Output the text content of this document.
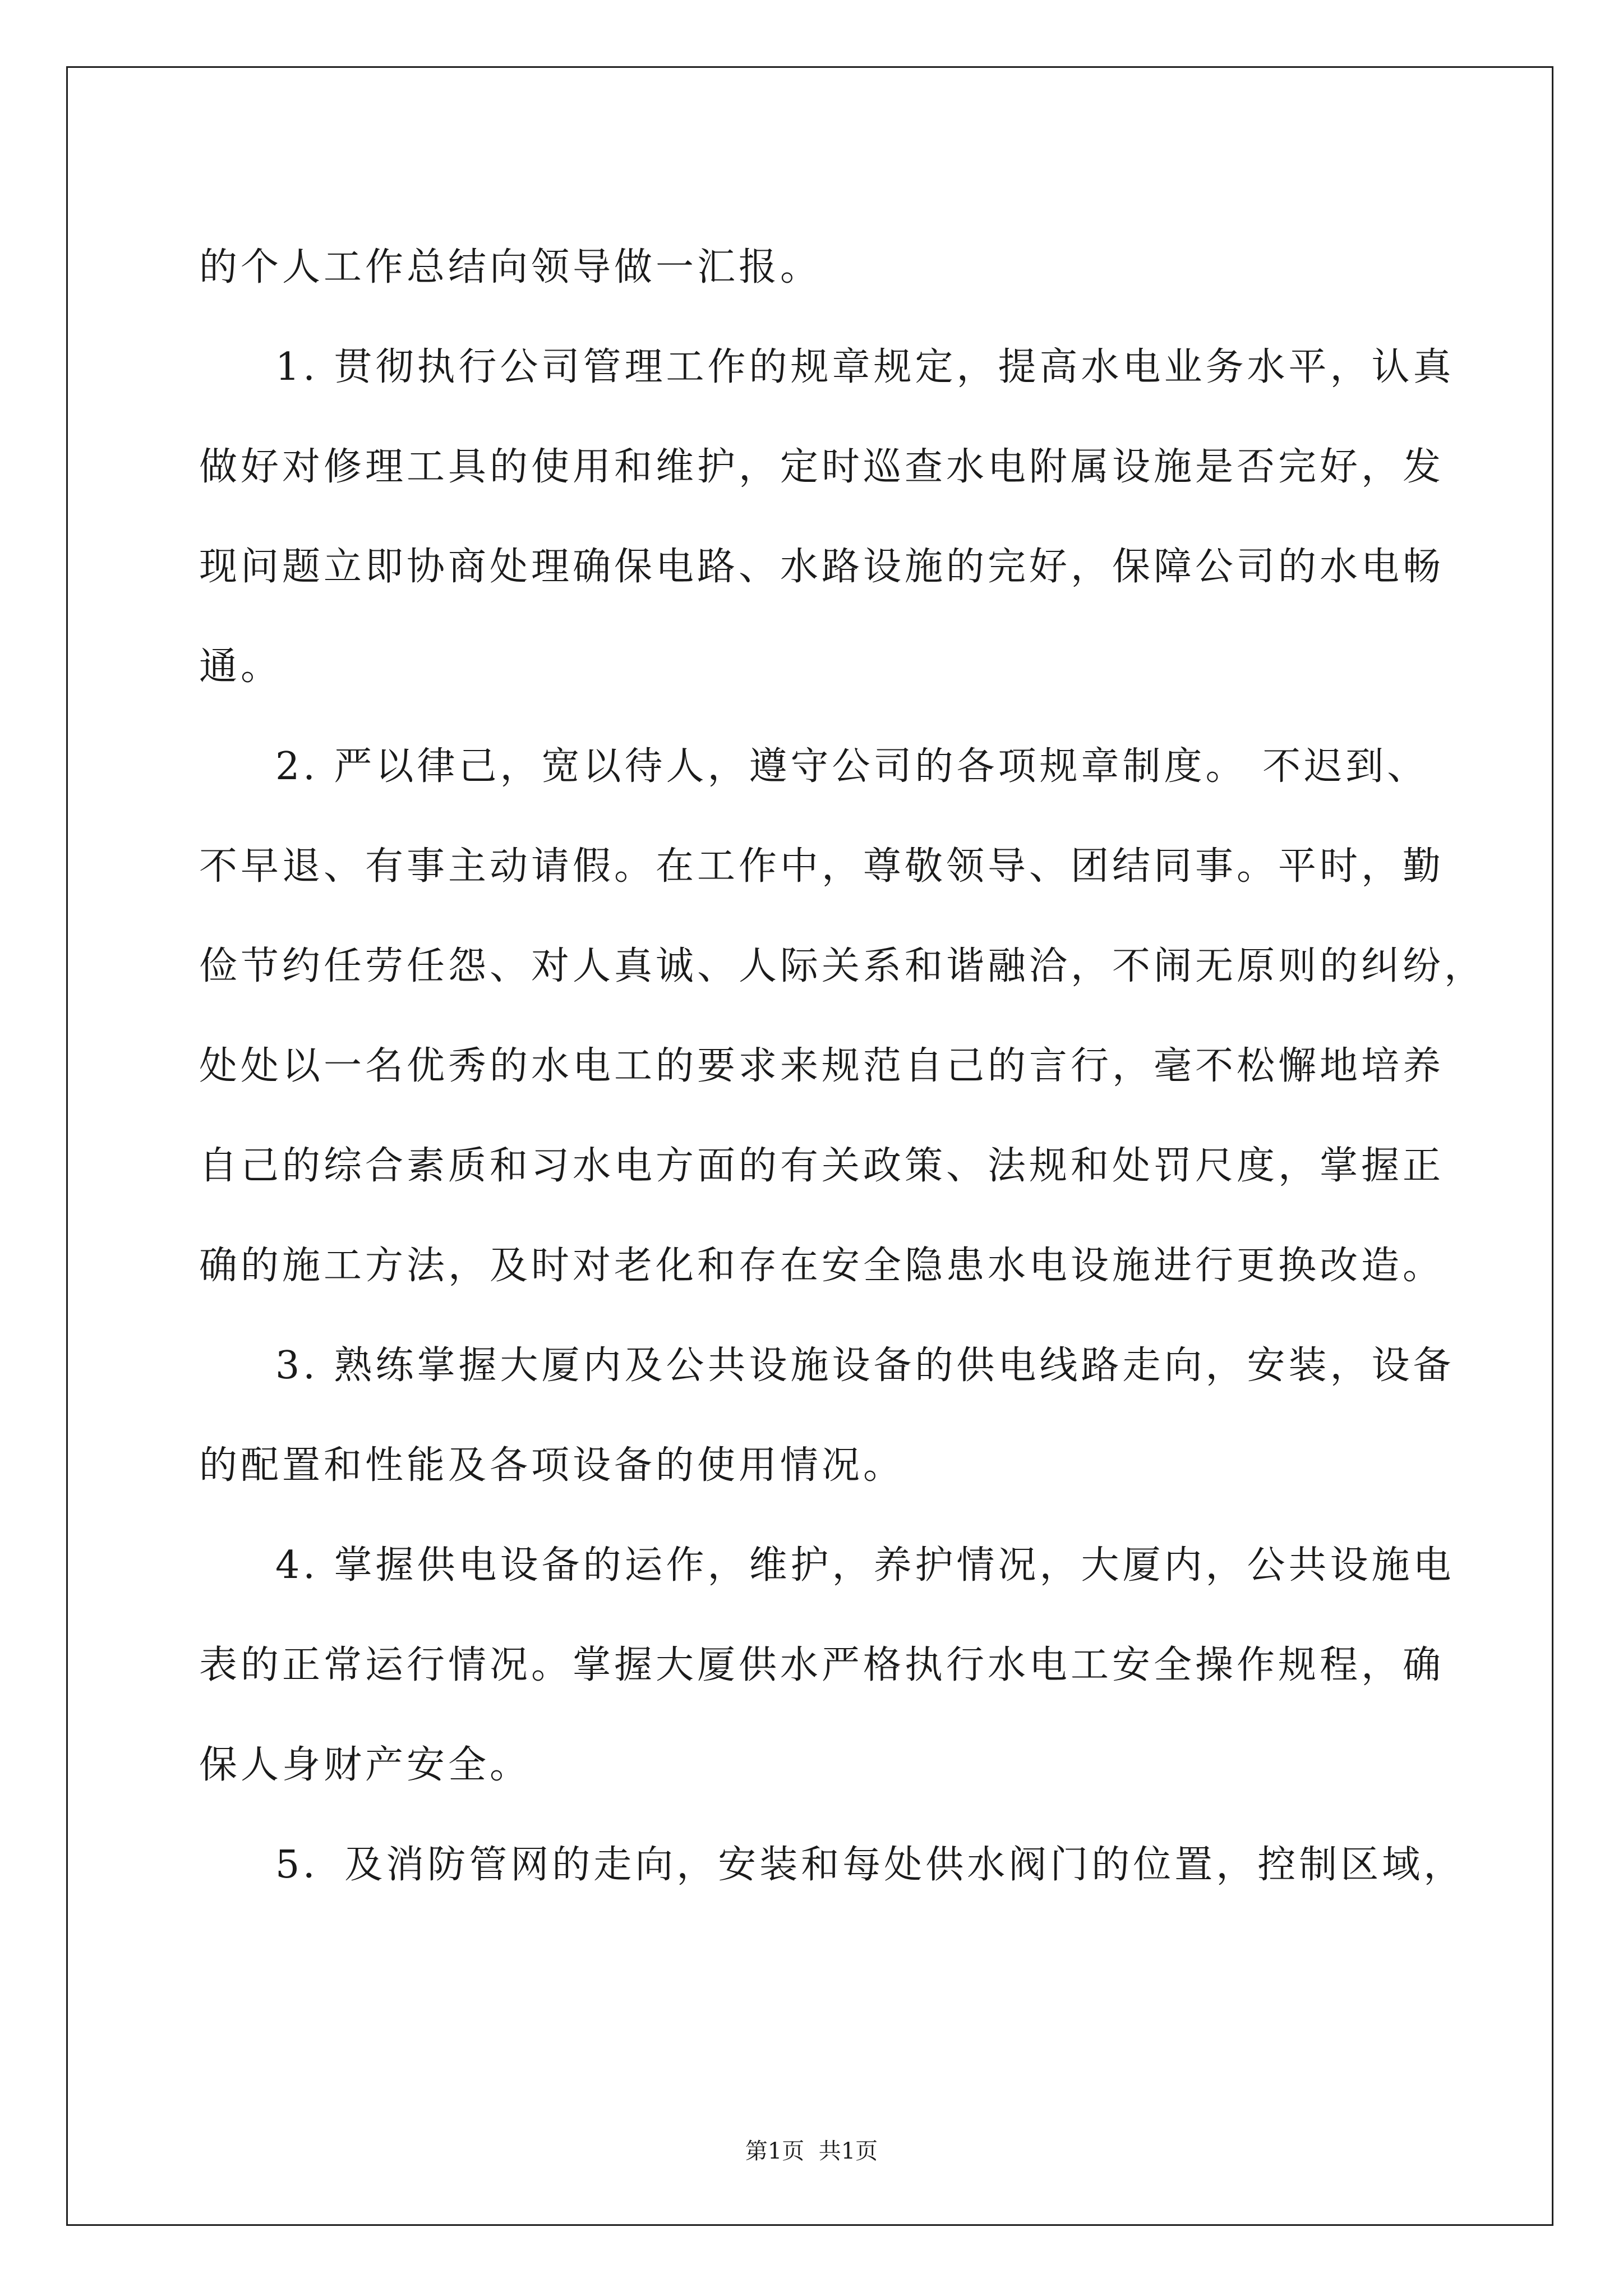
的个人工作总结向领导做一汇报。
1. 贯彻执行公司管理工作的规章规定，提高水电业务水平，认真
做好对修理工具的使用和维护，定时巡查水电附属设施是否完好，发
现问题立即协商处理确保电路、水路设施的完好，保障公司的水电畅
通。
2. 严以律己，宽以待人，遵守公司的各项规章制度。 不迟到、
不早退、有事主动请假。在工作中，尊敬领导、团结同事。平时，勤
俭节约任劳任怨、对人真诚、人际关系和谐融洽，不闹无原则的纠纷，
处处以一名优秀的水电工的要求来规范自己的言行，毫不松懈地培养
自己的综合素质和习水电方面的有关政策、法规和处罚尺度，掌握正
确的施工方法，及时对老化和存在安全隐患水电设施进行更换改造。
3. 熟练掌握大厦内及公共设施设备的供电线路走向，安装，设备
的配置和性能及各项设备的使用情况。
4. 掌握供电设备的运作，维护，养护情况，大厦内，公共设施电
表的正常运行情况。掌握大厦供水严格执行水电工安全操作规程，确
保人身财产安全。
5．及消防管网的走向，安装和每处供水阀门的位置，控制区域，
第1页  共1页
